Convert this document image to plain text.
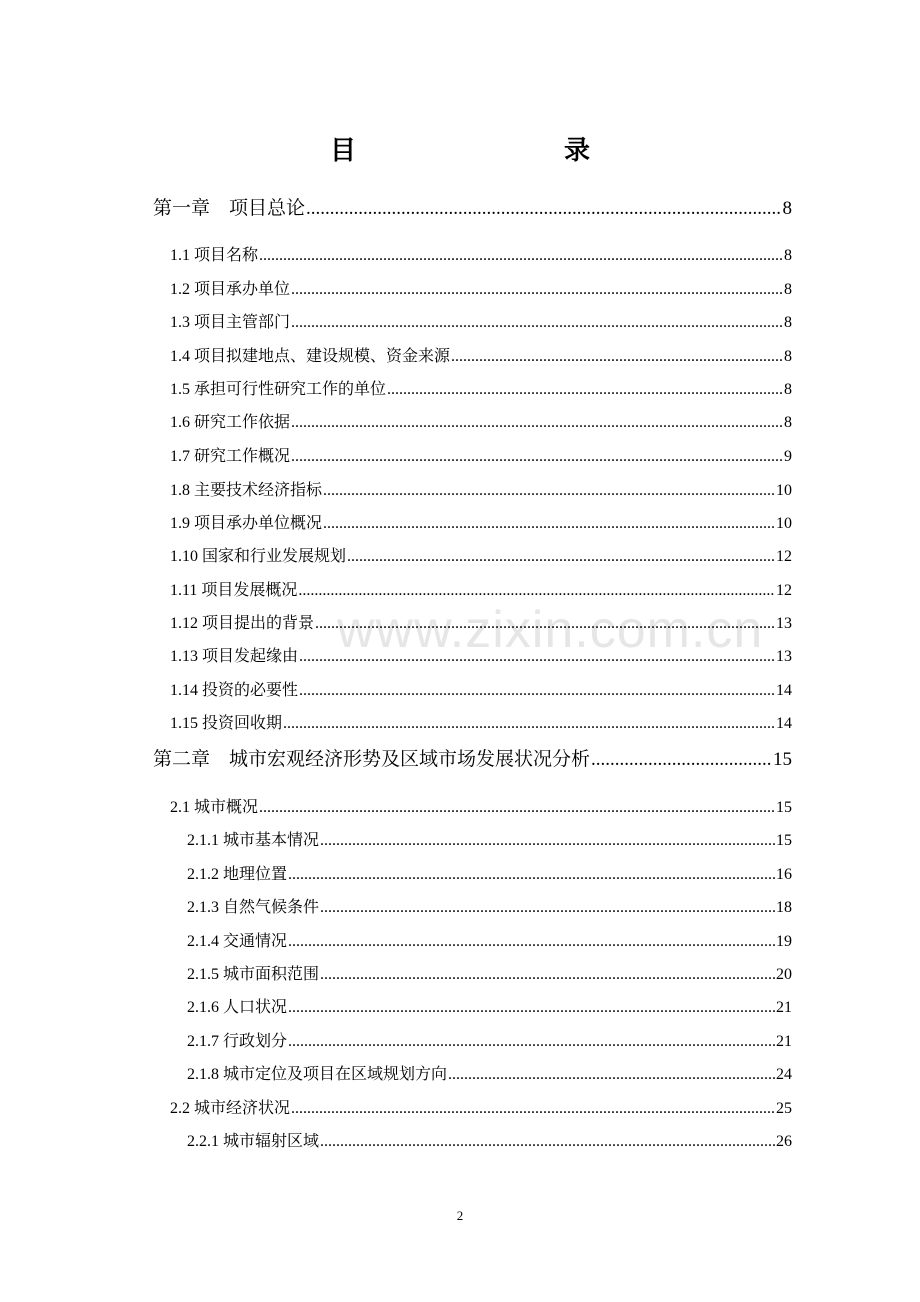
目　　录
www.zixin.com.cn
第一章　项目总论 .....	8
1.1 项目名称 .....	8
1.2 项目承办单位 .....	8
1.3 项目主管部门 .....	8
1.4 项目拟建地点、建设规模、资金来源 .....	8
1.5 承担可行性研究工作的单位 .....	8
1.6 研究工作依据 .....	8
1.7 研究工作概况 .....	9
1.8 主要技术经济指标 .....	10
1.9 项目承办单位概况 .....	10
1.10 国家和行业发展规划 .....	12
1.11 项目发展概况 .....	12
1.12 项目提出的背景 .....	13
1.13 项目发起缘由 .....	13
1.14 投资的必要性 .....	14
1.15 投资回收期 .....	14
第二章　城市宏观经济形势及区域市场发展状况分析 .....	15
2.1 城市概况 .....	15
2.1.1 城市基本情况 .....	15
2.1.2 地理位置 .....	16
2.1.3 自然气候条件 .....	18
2.1.4 交通情况 .....	19
2.1.5 城市面积范围 .....	20
2.1.6 人口状况 .....	21
2.1.7 行政划分 .....	21
2.1.8 城市定位及项目在区域规划方向 .....	24
2.2 城市经济状况 .....	25
2.2.1 城市辐射区域 .....	26
2
